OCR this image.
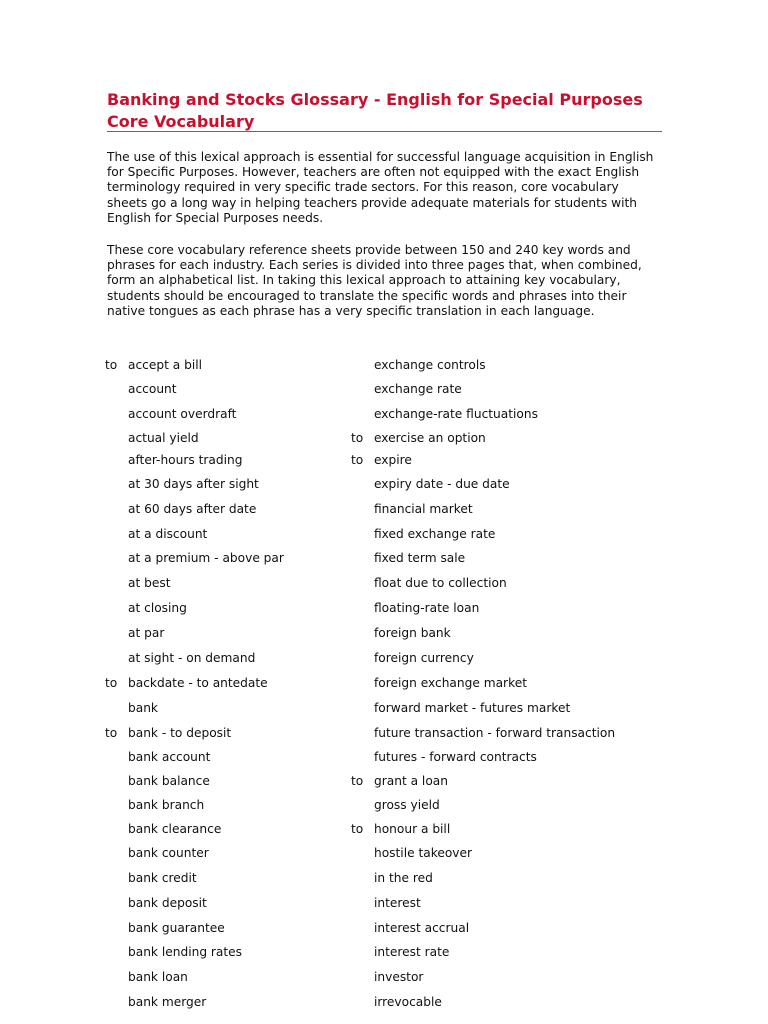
Banking and Stocks Glossary - English for Special Purposes Core Vocabulary

The use of this lexical approach is essential for successful language acquisition in English for Specific Purposes. However, teachers are often not equipped with the exact English terminology required in very specific trade sectors. For this reason, core vocabulary sheets go a long way in helping teachers provide adequate materials for students with English for Special Purposes needs.

These core vocabulary reference sheets provide between 150 and 240 key words and phrases for each industry. Each series is divided into three pages that, when combined, form an alphabetical list. In taking this lexical approach to attaining key vocabulary, students should be encouraged to translate the specific words and phrases into their native tongues as each phrase has a very specific translation in each language.

to accept a bill
account
account overdraft
actual yield
after-hours trading
at 30 days after sight
at 60 days after date
at a discount
at a premium - above par
at best
at closing
at par
at sight - on demand
to backdate - to antedate
bank
to bank - to deposit
bank account
bank balance
bank branch
bank clearance
bank counter
bank credit
bank deposit
bank guarantee
bank lending rates
bank loan
bank merger
exchange controls
exchange rate
exchange-rate fluctuations
to exercise an option
to expire
expiry date - due date
financial market
fixed exchange rate
fixed term sale
float due to collection
floating-rate loan
foreign bank
foreign currency
foreign exchange market
forward market - futures market
future transaction - forward transaction
futures - forward contracts
to grant a loan
gross yield
to honour a bill
hostile takeover
in the red
interest
interest accrual
interest rate
investor
irrevocable
